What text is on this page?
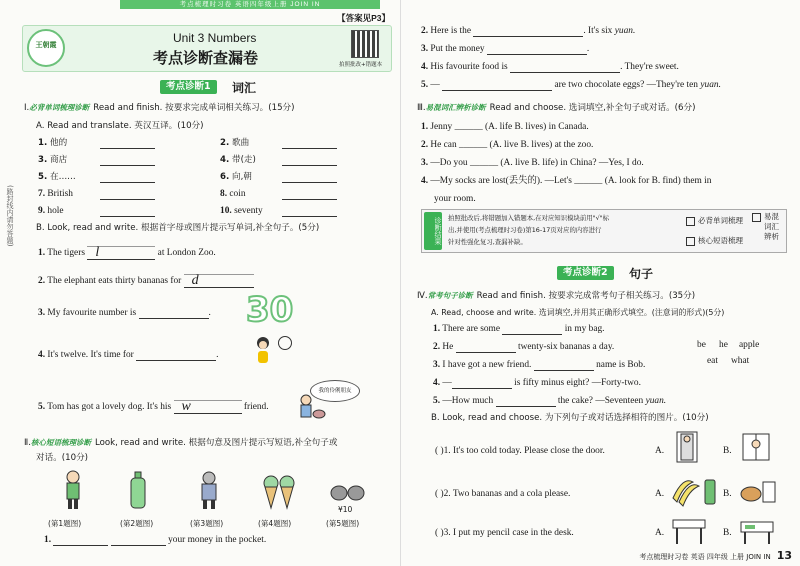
考点梳理时习卷 英语四年级上册 JOIN IN
【答案见P3】
王朝霞	Unit 3 Numbers
考点诊断查漏卷	拍照批改+错题本
(路封线内请勿答题)
考点诊断1	词汇
Ⅰ.必背单词梳理诊断 Read and finish. 按要求完成单词相关练习。(15分)
A. Read and translate. 英汉互译。(10分)
1. 他的	2. 歌曲
3. 商店	4. 带(走)
5. 在……	6. 向,朝
7. British	8. coin
9. hole	10. seventy
B. Look, read and write. 根据首字母或图片提示写单词,补全句子。(5分)
1. The tigers l	at London Zoo.
2. The elephant eats thirty bananas for d
3. My favourite number is	. 30
4. It's twelve. It's time for	.
5. Tom has got a lovely dog. It's his w	friend.
我的伶俐朋友
Ⅱ.核心短语梳理诊断 Look, read and write. 根据句意及图片提示写短语,补全句子或
对话。(10分)
¥10
(第1题图)	(第2题图)	(第3题图)	(第4题图)	(第5题图)
1.	your money in the pocket.
2. Here is the	. It's six yuan.
3. Put the money	.
4. His favourite food is	. They're sweet.
5. —	are two chocolate eggs? —They're ten yuan.
Ⅲ.易混词汇辨析诊断 Read and choose. 选词填空,补全句子或对话。(6分)
1. Jenny ______ (A. life B. lives) in Canada.
2. He can ______ (A. live B. lives) at the zoo.
3. —Do you ______ (A. live B. life) in China? —Yes, I do.
4. —My socks are lost(丢失的). —Let's ______ (A. look for B. find) them in
your room.
诊断结果 拍照批改后,将错题加入错题本,在对应知识模块前用"√"标
出,并使用(考点梳理时习卷)第16-17页对应的内容进行
针对性强化复习,查漏补缺。
必背单词梳理
核心短语梳理
易混词汇辨析
考点诊断2	句子
Ⅳ.常考句子诊断 Read and finish. 按要求完成常考句子相关练习。(35分)
A. Read, choose and write. 选词填空,并用其正确形式填空。(注意词的形式)(5分)
1. There are some	in my bag.
2. He	twenty-six bananas a day.
3. I have got a new friend.	name is Bob.
4. —	is fifty minus eight? —Forty-two.
5. —How much	the cake? —Seventeen yuan.
be he apple
eat what
B. Look, read and choose. 为下列句子或对话选择相符的图片。(10分)
( )1. It's too cold today. Please close the door.	A.	B.
( )2. Two bananas and a cola please.	A.	B.
( )3. I put my pencil case in the desk.	A.	B.
考点梳理时习卷 英语 四年级 上册 JOIN IN 13
